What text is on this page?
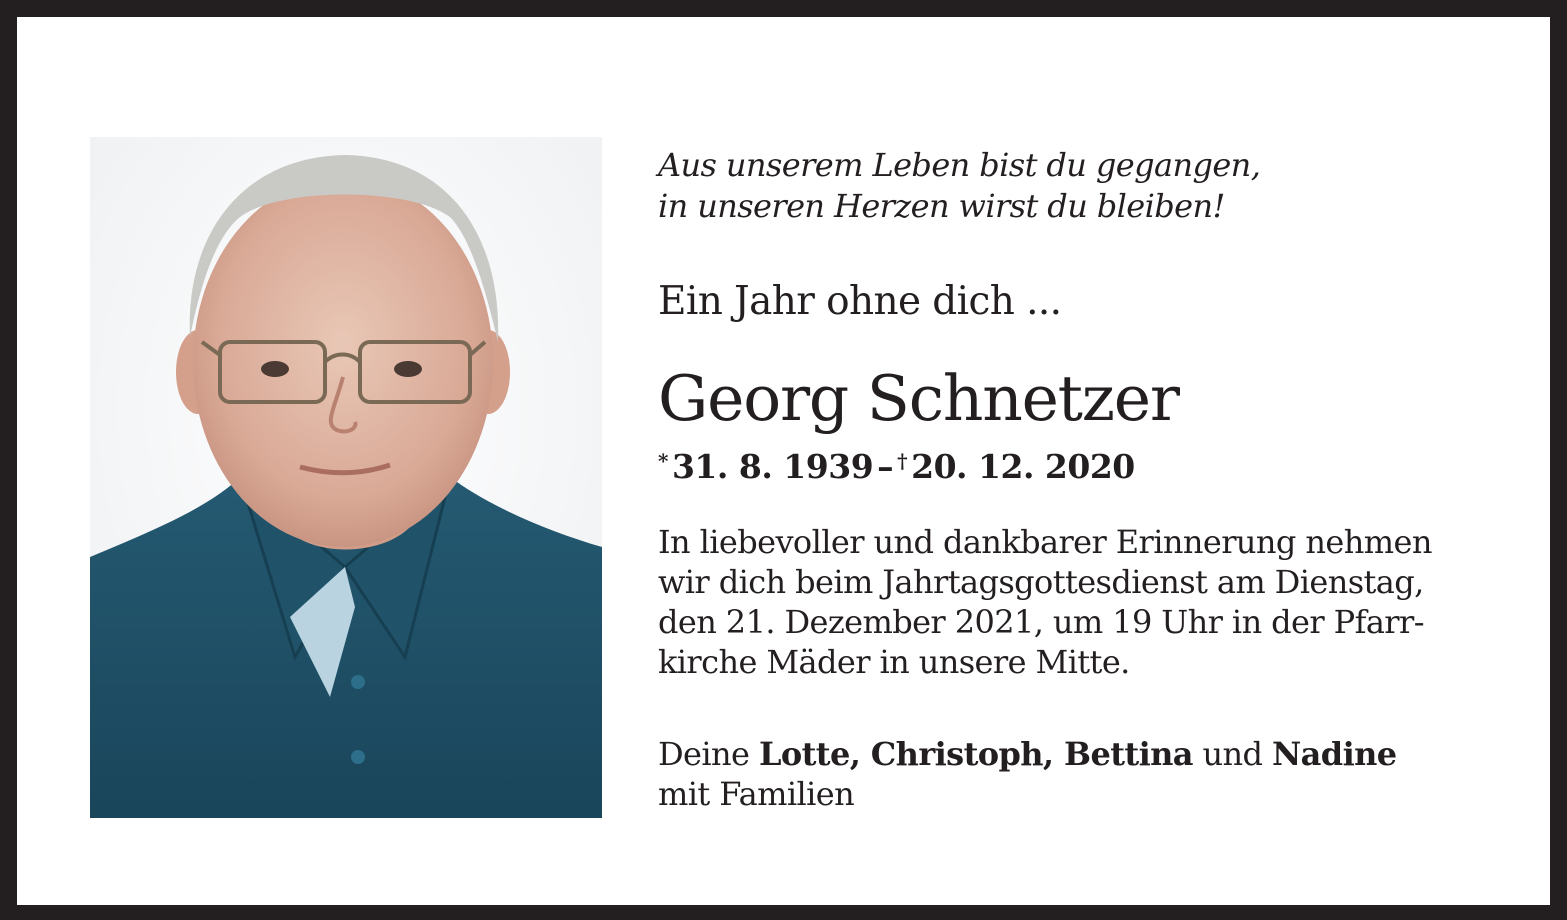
Aus unserem Leben bist du gegangen,
in unseren Herzen wirst du bleiben!

Ein Jahr ohne dich ...

Georg Schnetzer

* 31. 8. 1939 – † 20. 12. 2020

In liebevoller und dankbarer Erinnerung nehmen
wir dich beim Jahrtagsgottesdienst am Dienstag,
den 21. Dezember 2021, um 19 Uhr in der Pfarr-
kirche Mäder in unsere Mitte.

Deine Lotte, Christoph, Bettina und Nadine
mit Familien
